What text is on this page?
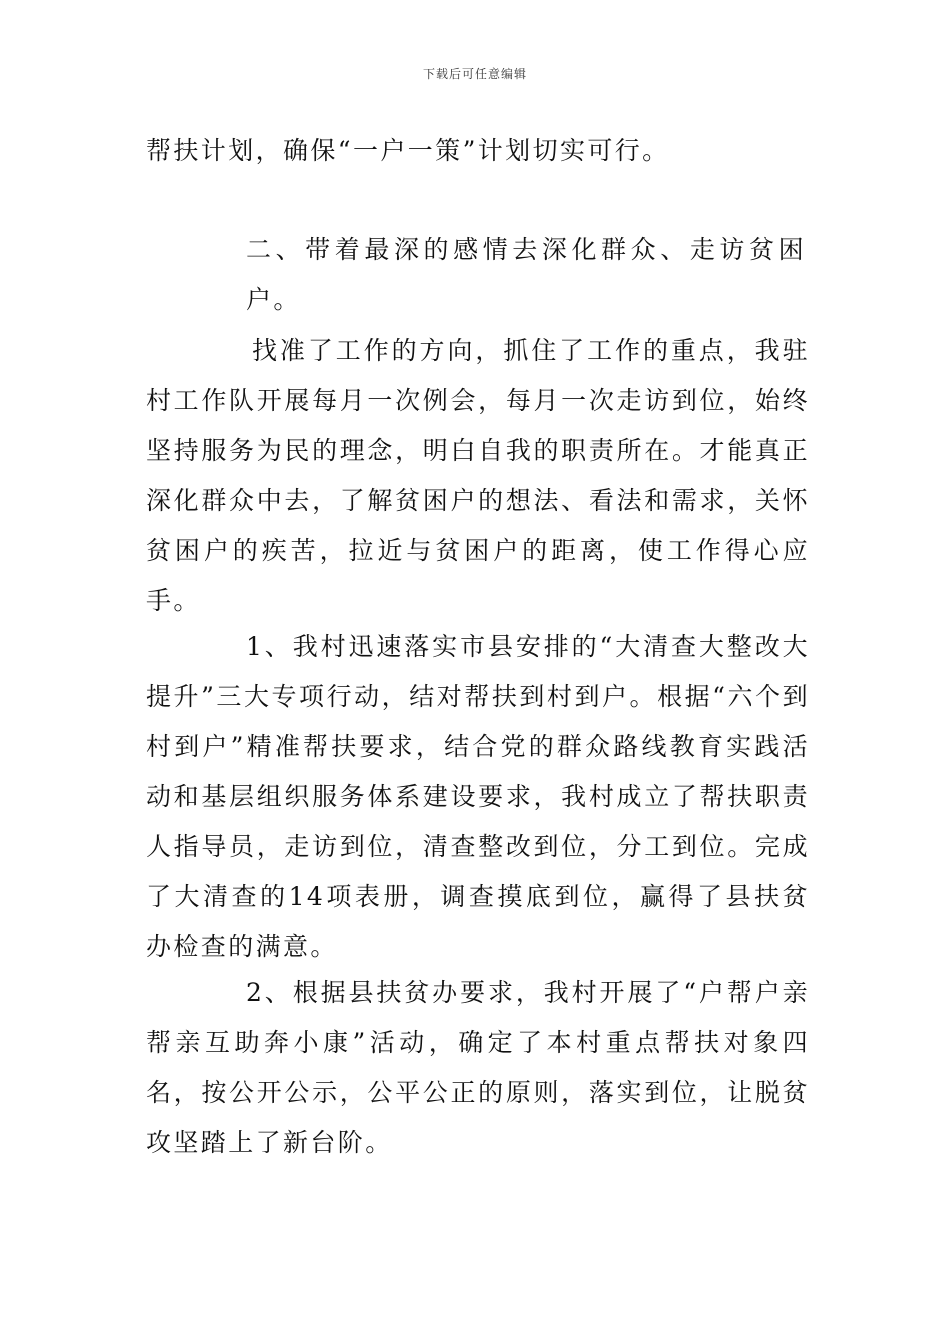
下载后可任意编辑

帮扶计划，确保“一户一策”计划切实可行。

二、带着最深的感情去深化群众、走访贫困户。

找准了工作的方向，抓住了工作的重点，我驻村工作队开展每月一次例会，每月一次走访到位，始终坚持服务为民的理念，明白自我的职责所在。才能真正深化群众中去，了解贫困户的想法、看法和需求，关怀贫困户的疾苦，拉近与贫困户的距离，使工作得心应手。

1、我村迅速落实市县安排的“大清查大整改大提升”三大专项行动，结对帮扶到村到户。根据“六个到村到户”精准帮扶要求，结合党的群众路线教育实践活动和基层组织服务体系建设要求，我村成立了帮扶职责人指导员，走访到位，清查整改到位，分工到位。完成了大清查的14项表册，调查摸底到位，赢得了县扶贫办检查的满意。

2、根据县扶贫办要求，我村开展了“户帮户亲帮亲互助奔小康”活动，确定了本村重点帮扶对象四名，按公开公示，公平公正的原则，落实到位，让脱贫攻坚踏上了新台阶。
